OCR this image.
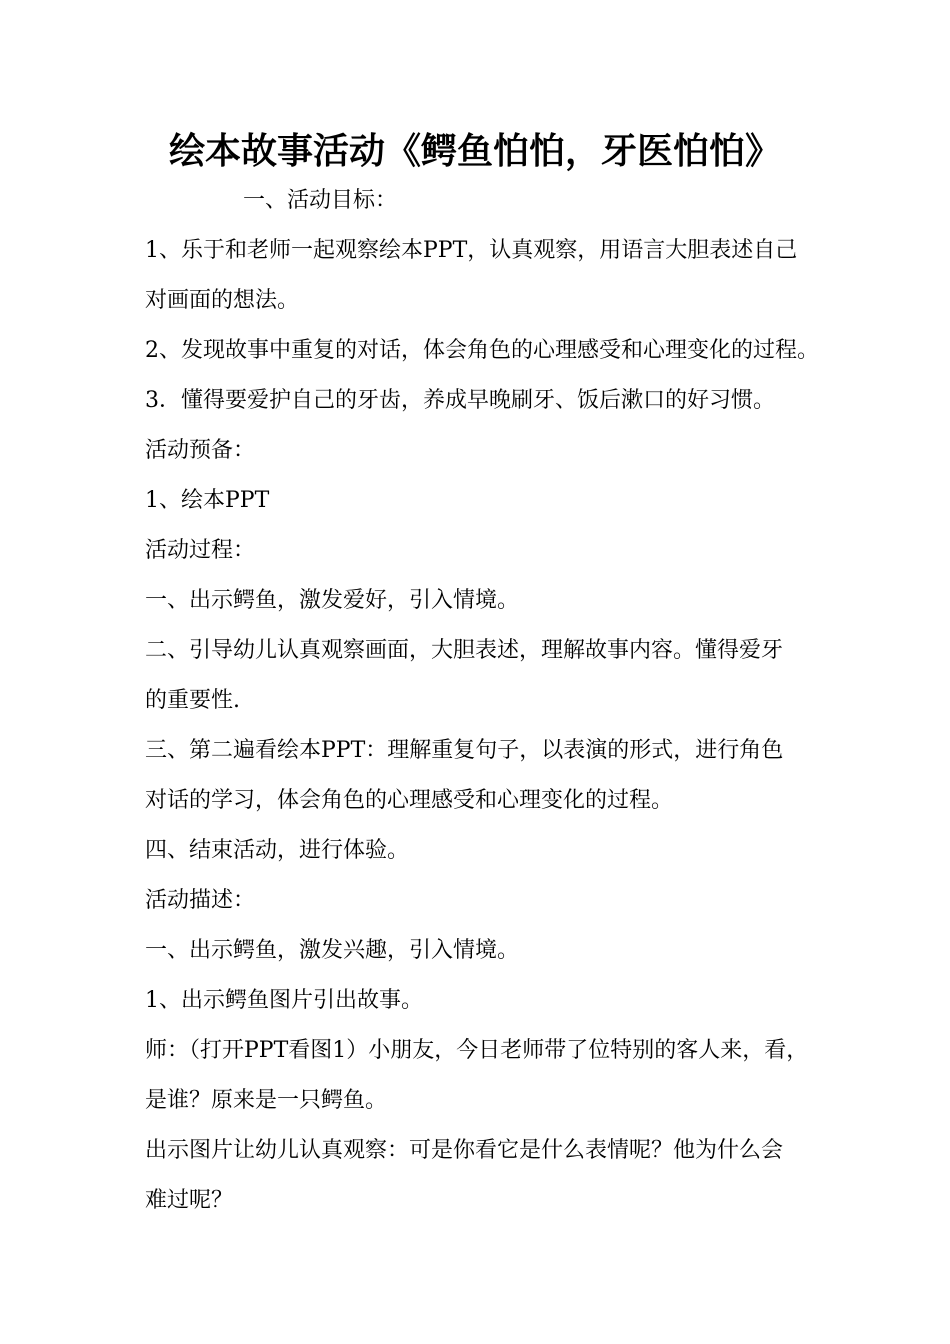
绘本故事活动《鳄鱼怕怕，牙医怕怕》

一、活动目标：

1、乐于和老师一起观察绘本PPT，认真观察，用语言大胆表述自己

对画面的想法。

2、发现故事中重复的对话，体会角色的心理感受和心理变化的过程。

3．懂得要爱护自己的牙齿，养成早晚刷牙、饭后漱口的好习惯。

活动预备：

1、绘本PPT

活动过程：

一、出示鳄鱼，激发爱好，引入情境。

二、引导幼儿认真观察画面，大胆表述，理解故事内容。懂得爱牙

的重要性.

三、第二遍看绘本PPT：理解重复句子，以表演的形式，进行角色

对话的学习，体会角色的心理感受和心理变化的过程。

四、结束活动，进行体验。

活动描述：

一、出示鳄鱼，激发兴趣，引入情境。

1、出示鳄鱼图片引出故事。

师：（打开PPT看图1）小朋友，今日老师带了位特别的客人来，看，

是谁？原来是一只鳄鱼。

出示图片让幼儿认真观察：可是你看它是什么表情呢？他为什么会

难过呢？
